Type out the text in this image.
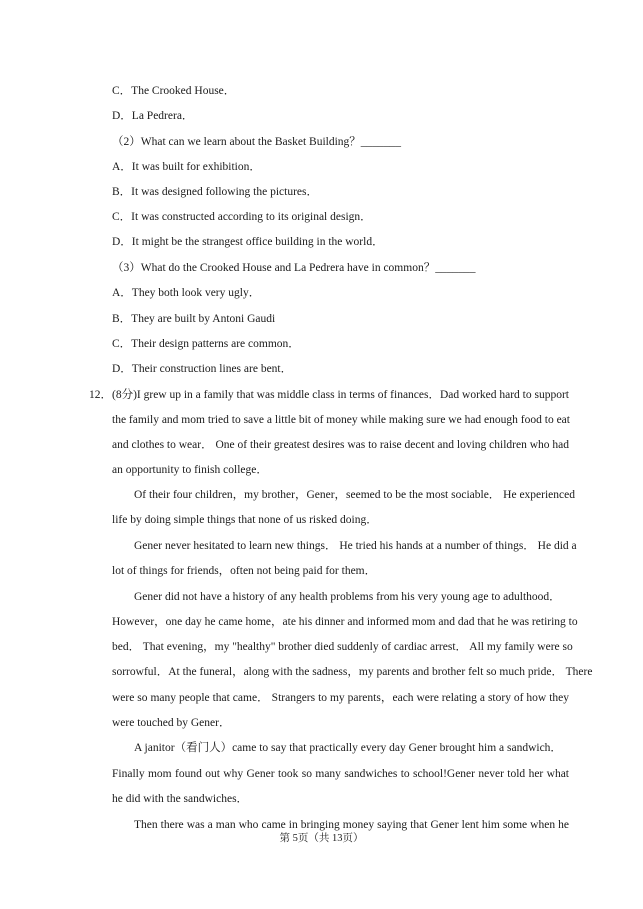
C．The Crooked House．
D．La Pedrera．
（2）What can we learn about the Basket Building？_______
A．It was built for exhibition．
B．It was designed following the pictures．
C．It was constructed according to its original design．
D．It might be the strangest office building in the world．
（3）What do the Crooked House and La Pedrera have in common？_______
A．They both look very ugly．
B．They are built by Antoni Gaudi
C．Their design patterns are common．
D．Their construction lines are bent．
12．(8分)I grew up in a family that was middle class in terms of finances．Dad worked hard to support
the family and mom tried to save a little bit of money while making sure we had enough food to eat
and clothes to wear． One of their greatest desires was to raise decent and loving children who had
an opportunity to finish college．
Of their four children，my brother，Gener，seemed to be the most sociable． He experienced
life by doing simple things that none of us risked doing．
Gener never hesitated to learn new things． He tried his hands at a number of things． He did a
lot of things for friends，often not being paid for them．
Gener did not have a history of any health problems from his very young age to adulthood．
However，one day he came home，ate his dinner and informed mom and dad that he was retiring to
bed． That evening，my "healthy" brother died suddenly of cardiac arrest． All my family were so
sorrowful．At the funeral，along with the sadness，my parents and brother felt so much pride． There
were so many people that came． Strangers to my parents，each were relating a story of how they
were touched by Gener．
A janitor（看门人）came to say that practically every day Gener brought him a sandwich．
Finally mom found out why Gener took so many sandwiches to school!Gener never told her what
he did with the sandwiches．
Then there was a man who came in bringing money saying that Gener lent him some when he
第 5页（共 13页）
